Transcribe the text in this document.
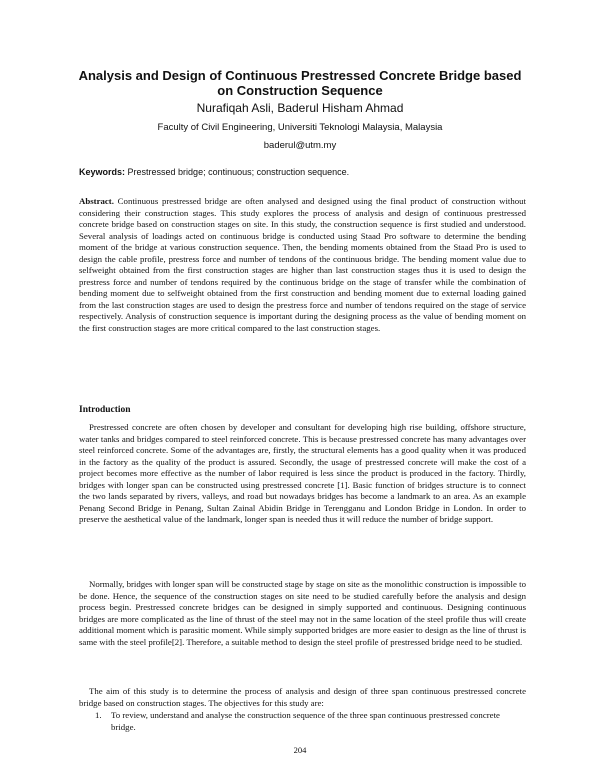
Analysis and Design of Continuous Prestressed Concrete Bridge based
on Construction Sequence
Nurafiqah Asli, Baderul Hisham Ahmad
Faculty of Civil Engineering, Universiti Teknologi Malaysia, Malaysia
baderul@utm.my
Keywords: Prestressed bridge; continuous; construction sequence.

Abstract. Continuous prestressed bridge are often analysed and designed using the final product of construction without considering their construction stages. This study explores the process of analysis and design of continuous prestressed concrete bridge based on construction stages on site. In this study, the construction sequence is first studied and understood. Several analysis of loadings acted on continuous bridge is conducted using Staad Pro software to determine the bending moment of the bridge at various construction sequence. Then, the bending moments obtained from the Staad Pro is used to design the cable profile, prestress force and number of tendons of the continuous bridge. The bending moment value due to selfweight obtained from the first construction stages are higher than last construction stages thus it is used to design the prestress force and number of tendons required by the continuous bridge on the stage of transfer while the combination of bending moment due to selfweight obtained from the first construction and bending moment due to external loading gained from the last construction stages are used to design the prestress force and number of tendons required on the stage of service respectively. Analysis of construction sequence is important during the designing process as the value of bending moment on the first construction stages are more critical compared to the last construction stages.

Introduction

Prestressed concrete are often chosen by developer and consultant for developing high rise building, offshore structure, water tanks and bridges compared to steel reinforced concrete. This is because prestressed concrete has many advantages over steel reinforced concrete. Some of the advantages are, firstly, the structural elements has a good quality when it was produced in the factory as the quality of the product is assured. Secondly, the usage of prestressed concrete will make the cost of a project becomes more effective as the number of labor required is less since the product is produced in the factory. Thirdly, bridges with longer span can be constructed using prestressed concrete [1]. Basic function of bridges structure is to connect the two lands separated by rivers, valleys, and road but nowadays bridges has become a landmark to an area. As an example Penang Second Bridge in Penang, Sultan Zainal Abidin Bridge in Terengganu and London Bridge in London. In order to preserve the aesthetical value of the landmark, longer span is needed thus it will reduce the number of bridge support.

Normally, bridges with longer span will be constructed stage by stage on site as the monolithic construction is impossible to be done. Hence, the sequence of the construction stages on site need to be studied carefully before the analysis and design process begin. Prestressed concrete bridges can be designed in simply supported and continuous. Designing continuous bridges are more complicated as the line of thrust of the steel may not in the same location of the steel profile thus will create additional moment which is parasitic moment. While simply supported bridges are more easier to design as the line of thrust is same with the steel profile[2]. Therefore, a suitable method to design the steel profile of prestressed bridge need to be studied.

The aim of this study is to determine the process of analysis and design of three span continuous prestressed concrete bridge based on construction stages. The objectives for this study are:

1. To review, understand and analyse the construction sequence of the three span continuous prestressed concrete bridge.
204
